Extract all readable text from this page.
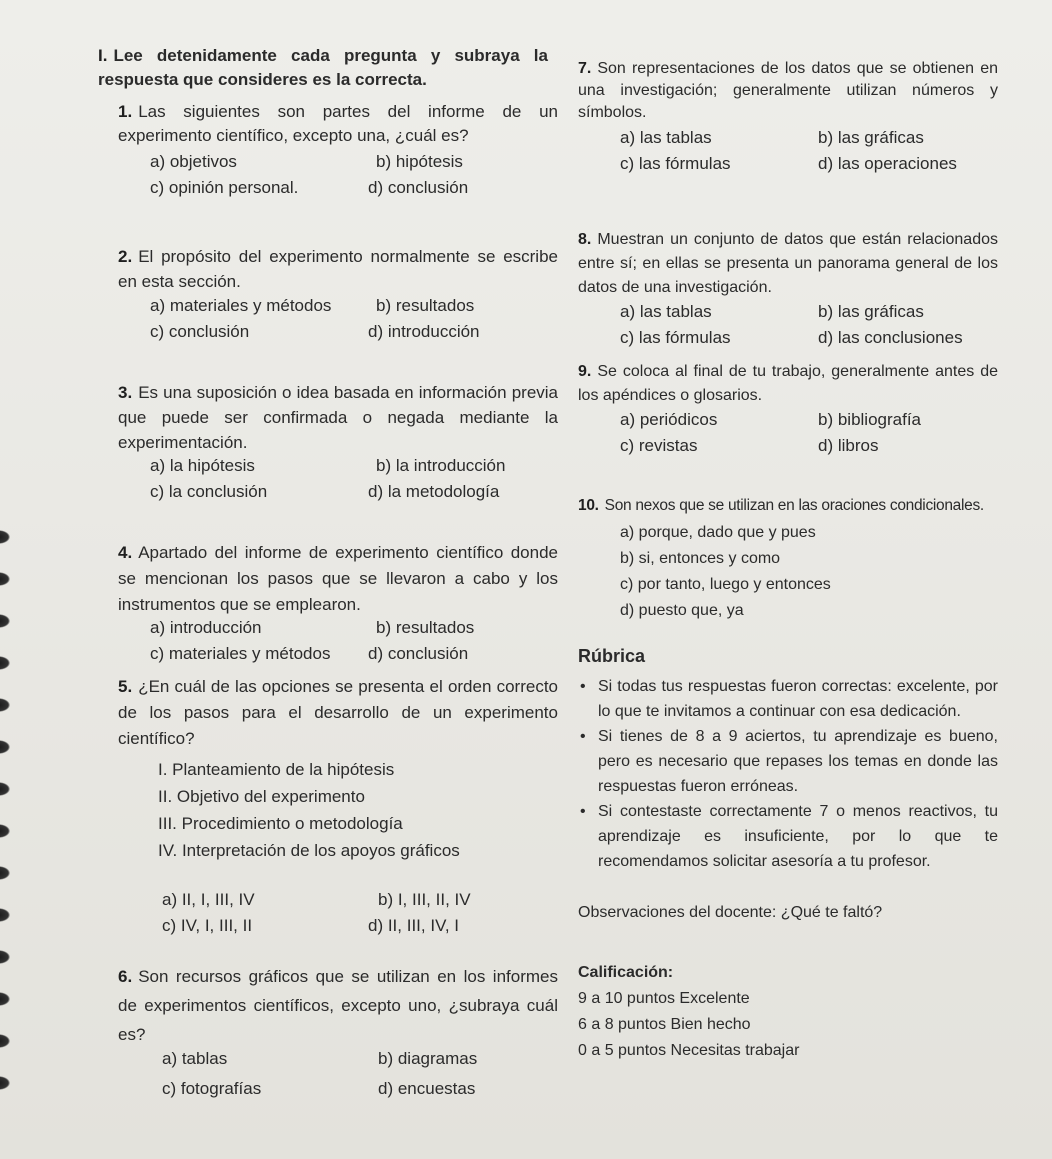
I. Lee detenidamente cada pregunta y subraya la respuesta que consideres es la correcta.

1. Las siguientes son partes del informe de un experimento científico, excepto una, ¿cuál es?

a) objetivos	b) hipótesis
c) opinión personal.	d) conclusión

2. El propósito del experimento normalmente se escribe en esta sección.

a) materiales y métodos	b) resultados
c) conclusión	d) introducción

3. Es una suposición o idea basada en información previa que puede ser confirmada o negada mediante la experimentación.

a) la hipótesis	b) la introducción
c) la conclusión	d) la metodología

4. Apartado del informe de experimento científico donde se mencionan los pasos que se llevaron a cabo y los instrumentos que se emplearon.

a) introducción	b) resultados
c) materiales y métodos d) conclusión

5. ¿En cuál de las opciones se presenta el orden correcto de los pasos para el desarrollo de un experimento científico?

I. Planteamiento de la hipótesis
II. Objetivo del experimento
III. Procedimiento o metodología
IV. Interpretación de los apoyos gráficos
a) II, I, III, IV	b) I, III, II, IV
c) IV, I, III, II	d) II, III, IV, I

6. Son recursos gráficos que se utilizan en los informes de experimentos científicos, excepto uno, ¿subraya cuál es?

a) tablas	b) diagramas
c) fotografías	d) encuestas

7. Son representaciones de los datos que se obtienen en una investigación; generalmente utilizan números y símbolos.

a) las tablas	b) las gráficas
c) las fórmulas	d) las operaciones

8. Muestran un conjunto de datos que están relacionados entre sí; en ellas se presenta un panorama general de los datos de una investigación.

a) las tablas	b) las gráficas
c) las fórmulas	d) las conclusiones

9. Se coloca al final de tu trabajo, generalmente antes de los apéndices o glosarios.

a) periódicos	b) bibliografía
c) revistas	d) libros

10. Son nexos que se utilizan en las oraciones condicionales.

a) porque, dado que y pues
b) si, entonces y como
c) por tanto, luego y entonces
d) puesto que, ya
Rúbrica
• Si todas tus respuestas fueron correctas: excelente, por lo que te invitamos a continuar con esa dedicación.
• Si tienes de 8 a 9 aciertos, tu aprendizaje es bueno, pero es necesario que repases los temas en donde las respuestas fueron erróneas.
• Si contestaste correctamente 7 o menos reactivos, tu aprendizaje es insuficiente, por lo que te recomendamos solicitar asesoría a tu profesor.
Observaciones del docente: ¿Qué te faltó?
Calificación:
9 a 10 puntos Excelente
6 a 8 puntos Bien hecho
0 a 5 puntos Necesitas trabajar
